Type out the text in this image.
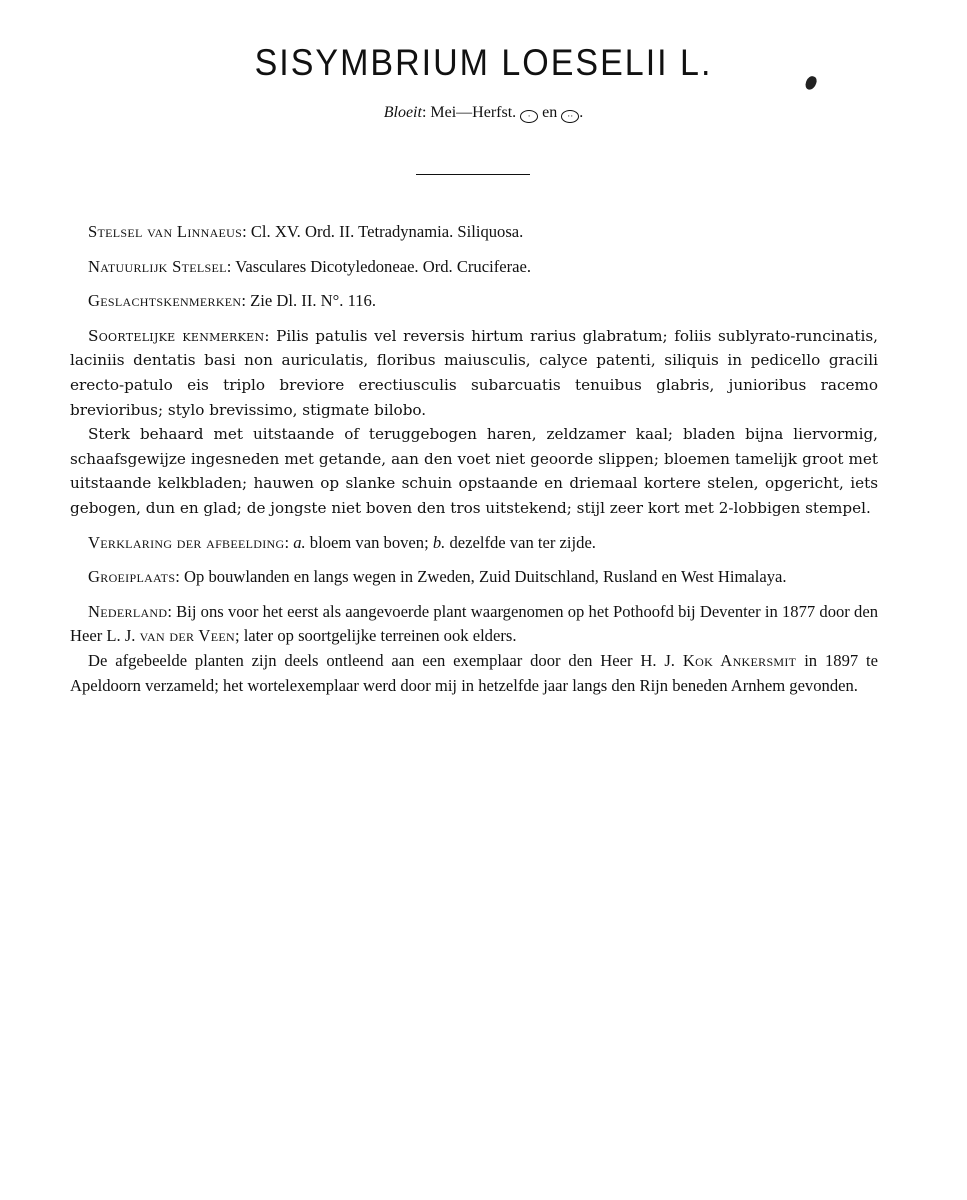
SISYMBRIUM LOESELII L.
Bloeit: Mei—Herfst. · en ·· .

Stelsel van Linnaeus: Cl. XV. Ord. II. Tetradynamia. Siliquosa.

Natuurlijk Stelsel: Vasculares Dicotyledoneae. Ord. Cruciferae.

Geslachtskenmerken: Zie Dl. II. N°. 116.

Soortelijke kenmerken: Pilis patulis vel reversis hirtum rarius glabratum; foliis sublyrato-runcinatis, laciniis dentatis basi non auriculatis, floribus maiusculis, calyce patenti, siliquis in pedicello gracili erecto-patulo eis triplo breviore erectiusculis subarcuatis tenuibus glabris, junioribus racemo brevioribus; stylo brevissimo, stigmate bilobo.

Sterk behaard met uitstaande of teruggebogen haren, zeldzamer kaal; bladen bijna liervormig, schaafsgewijze ingesneden met getande, aan den voet niet geoorde slippen; bloemen tamelijk groot met uitstaande kelkbladen; hauwen op slanke schuin opstaande en driemaal kortere stelen, opgericht, iets gebogen, dun en glad; de jongste niet boven den tros uitstekend; stijl zeer kort met 2-lobbigen stempel.

Verklaring der afbeelding: a. bloem van boven; b. dezelfde van ter zijde.

Groeiplaats: Op bouwlanden en langs wegen in Zweden, Zuid Duitschland, Rusland en West Himalaya.

Nederland: Bij ons voor het eerst als aangevoerde plant waargenomen op het Pothoofd bij Deventer in 1877 door den Heer L. J. van der Veen; later op soortgelijke terreinen ook elders.

De afgebeelde planten zijn deels ontleend aan een exemplaar door den Heer H. J. Kok Ankersmit in 1897 te Apeldoorn verzameld; het wortelexemplaar werd door mij in hetzelfde jaar langs den Rijn beneden Arnhem gevonden.
